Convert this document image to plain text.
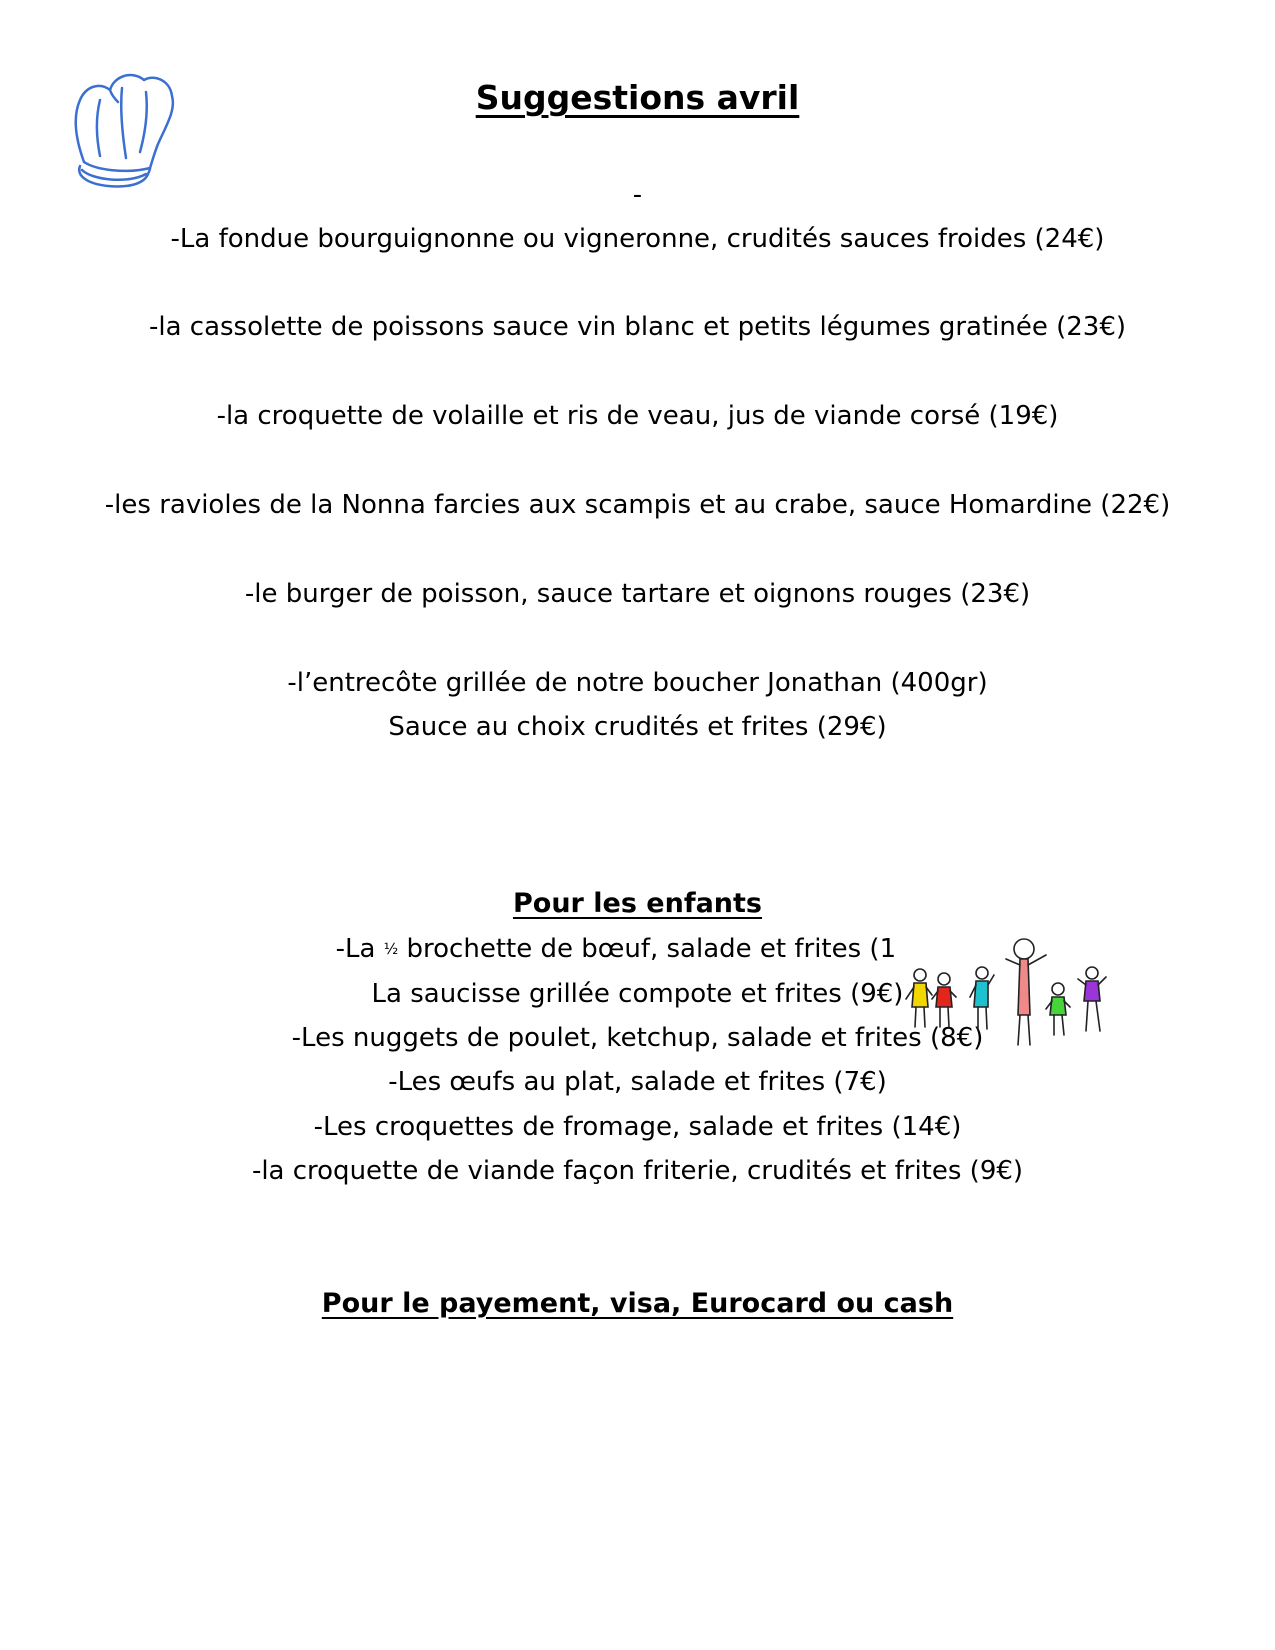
Suggestions avril
-
-La fondue bourguignonne ou vigneronne, crudités sauces froides (24€)
-la cassolette de poissons sauce vin blanc et petits légumes gratinée (23€)
-la croquette de volaille et ris de veau, jus de viande corsé (19€)
-les ravioles de la Nonna farcies aux scampis et au crabe, sauce Homardine (22€)
-le burger de poisson, sauce tartare et oignons rouges (23€)
-l’entrecôte grillée de notre boucher Jonathan (400gr)
Sauce au choix crudités et frites (29€)
Pour les enfants
-La ½ brochette de bœuf, salade et frites (1
La saucisse grillée compote et frites (9€)
-Les nuggets de poulet, ketchup, salade et frites (8€)
-Les œufs au plat, salade et frites (7€)
-Les croquettes de fromage, salade et frites (14€)
-la croquette de viande façon friterie, crudités et frites (9€)
Pour le payement, visa, Eurocard ou cash
